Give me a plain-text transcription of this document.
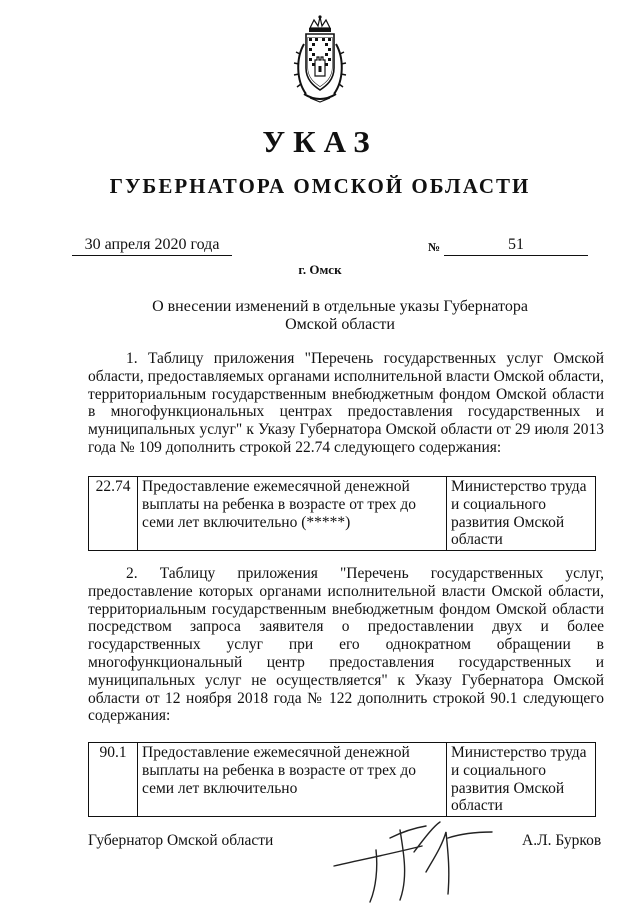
УКАЗ
ГУБЕРНАТОРА ОМСКОЙ ОБЛАСТИ
30 апреля 2020 года	№	51
г. Омск
О внесении изменений в отдельные указы Губернатора
Омской области
1. Таблицу приложения "Перечень государственных услуг Омской области, предоставляемых органами исполнительной власти Омской области, территориальным государственным внебюджетным фондом Омской области в многофункциональных центрах предоставления государственных и муниципальных услуг" к Указу Губернатора Омской области от 29 июля 2013 года № 109 дополнить строкой 22.74 следующего содержания:
22.74	Предоставление ежемесячной денежной выплаты на ребенка в возрасте от трех до семи лет включительно (*****)	Министерство труда и социального развития Омской области
2. Таблицу приложения "Перечень государственных услуг, предоставление которых органами исполнительной власти Омской области, территориальным государственным внебюджетным фондом Омской области посредством запроса заявителя о предоставлении двух и более государственных услуг при его однократном обращении в многофункциональный центр предоставления государственных и муниципальных услуг не осуществляется" к Указу Губернатора Омской области от 12 ноября 2018 года № 122 дополнить строкой 90.1 следующего содержания:
90.1	Предоставление ежемесячной денежной выплаты на ребенка в возрасте от трех до семи лет включительно	Министерство труда и социального развития Омской области
Губернатор Омской области	А.Л. Бурков
